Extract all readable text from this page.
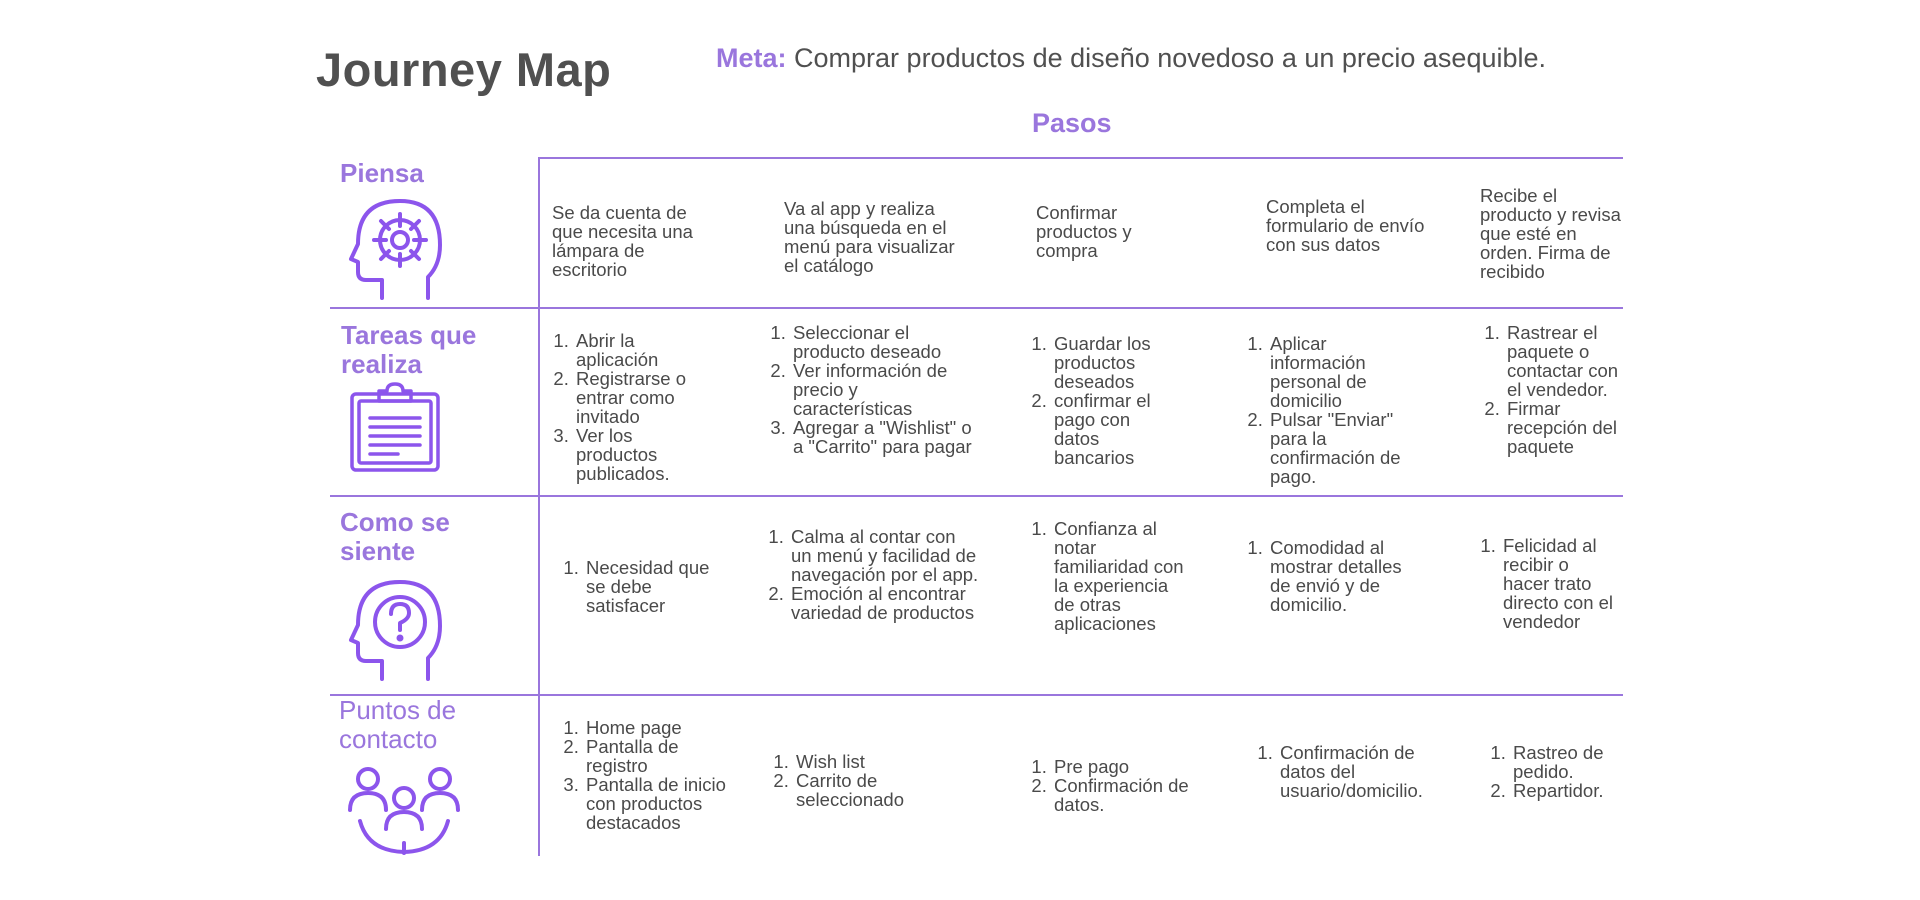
Journey Map	Meta: Comprar productos de diseño novedoso a un precio asequible.
Pasos
Piensa
Se da cuenta de que necesita una lámpara de escritorio
Va al app y realiza una búsqueda en el menú para visualizar el catálogo
Confirmar productos y compra
Completa el formulario de envío con sus datos
Recibe el producto y revisa que esté en orden. Firma de recibido
Tareas que realiza
1. Abrir la aplicación
2. Registrarse o entrar como invitado
3. Ver los productos publicados.
1. Seleccionar el producto deseado
2. Ver información de precio y características
3. Agregar a "Wishlist" o a "Carrito" para pagar
1. Guardar los productos deseados
2. confirmar el pago con datos bancarios
1. Aplicar información personal de domicilio
2. Pulsar "Enviar" para la confirmación de pago.
1. Rastrear el paquete o contactar con el vendedor.
2. Firmar recepción del paquete
Como se siente
1. Necesidad que se debe satisfacer
1. Calma al contar con un menú y facilidad de navegación por el app.
2. Emoción al encontrar variedad de productos
1. Confianza al notar familiaridad con la experiencia de otras aplicaciones
1. Comodidad al mostrar detalles de envió y de domicilio.
1. Felicidad al recibir o hacer trato directo con el vendedor
Puntos de contacto
1.	Home page
2. Pantalla de registro
3. Pantalla de inicio con productos destacados
1. Wish list
2. Carrito de seleccionado
1. Pre pago
2. Confirmación de datos.
1. Confirmación de datos del usuario/domicilio.
1. Rastreo de pedido.
2. Repartidor.
